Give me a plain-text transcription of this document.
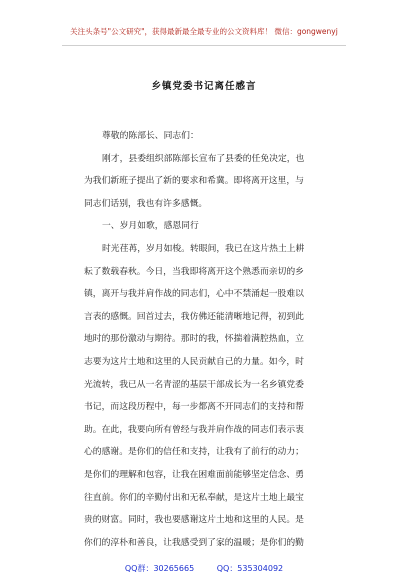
关注头条号"公文研究"，获得最新最全最专业的公文资料库！ 微信：gongwenyj
乡镇党委书记离任感言
尊敬的陈部长、同志们：
刚才，县委组织部陈部长宣布了县委的任免决定，也
为我们新班子提出了新的要求和希冀。即将离开这里，与
同志们话别，我也有许多感慨。
一、岁月如歌，感恩同行
时光荏苒，岁月如梭。转眼间，我已在这片热土上耕
耘了数载春秋。今日，当我即将离开这个熟悉而亲切的乡
镇，离开与我并肩作战的同志们，心中不禁涌起一股难以
言表的感慨。回首过去，我仿佛还能清晰地记得，初到此
地时的那份激动与期待。那时的我，怀揣着满腔热血，立
志要为这片土地和这里的人民贡献自己的力量。如今，时
光流转，我已从一名青涩的基层干部成长为一名乡镇党委
书记，而这段历程中，每一步都离不开同志们的支持和帮
助。在此，我要向所有曾经与我并肩作战的同志们表示衷
心的感谢。是你们的信任和支持，让我有了前行的动力；
是你们的理解和包容，让我在困难面前能够坚定信念、勇
往直前。你们的辛勤付出和无私奉献，是这片土地上最宝
贵的财富。同时，我也要感谢这片土地和这里的人民。是
你们的淳朴和善良，让我感受到了家的温暖；是你们的勤
QQ群：30265665	QQ：535304092
